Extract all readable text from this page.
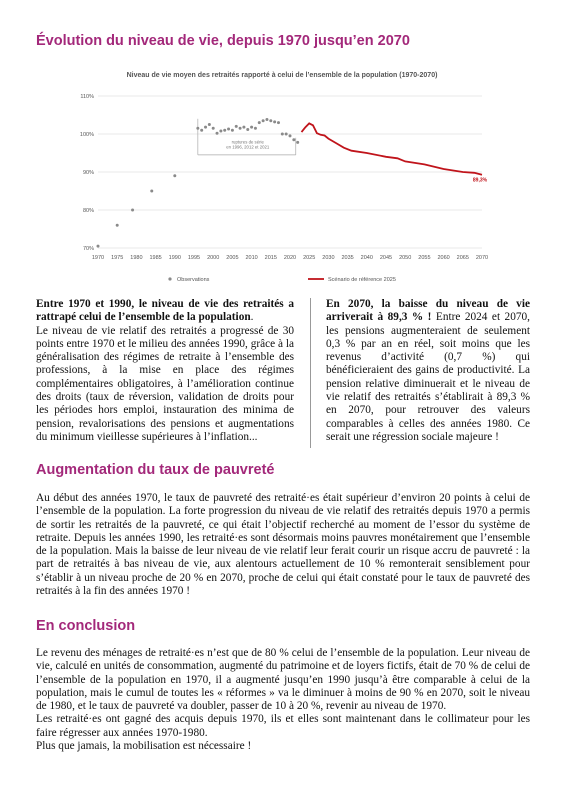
Évolution du niveau de vie, depuis 1970 jusqu’en 2070
Niveau de vie moyen des retraités rapporté à celui de l’ensemble de la population (1970-2070)
70%
80%
90%
100%
110%
1970 1975 1980 1985 1990 1995 2000 2005 2010 2015 2020 2025 2030 2035 2040 2045 2050 2055 2060 2065 2070
ruptures de série
en 1996, 2012 et 2021
89,3%
Observations	Scénario de référence 2025

Entre 1970 et 1990, le niveau de vie des retraités a rattrapé celui de l’ensemble de la population.

Le niveau de vie relatif des retraités a progressé de 30 points entre 1970 et le milieu des années 1990, grâce à la généralisation des régimes de retraite à l’ensemble des professions, à la mise en place des régimes complémentaires obligatoires, à l’amélioration continue des droits (taux de réversion, validation de droits pour les périodes hors emploi, instauration des minima de pension, revalorisations des pensions et augmentations du minimum vieillesse supérieures à l’inflation...

En 2070, la baisse du niveau de vie arriverait à 89,3 % ! Entre 2024 et 2070, les pensions augmenteraient de seulement 0,3 % par an en réel, soit moins que les revenus d’activité (0,7 %) qui bénéficieraient des gains de productivité. La pension relative diminuerait et le niveau de vie relatif des retraités s’établirait à 89,3 % en 2070, pour retrouver des valeurs comparables à celles des années 1980. Ce serait une régression sociale majeure !

Augmentation du taux de pauvreté

Au début des années 1970, le taux de pauvreté des retraité·es était supérieur d’environ 20 points à celui de l’ensemble de la population. La forte progression du niveau de vie relatif des retraités depuis 1970 a permis de sortir les retraités de la pauvreté, ce qui était l’objectif recherché au moment de l’essor du système de retraite. Depuis les années 1990, les retraité·es sont désormais moins pauvres monétairement que l’ensemble de la population. Mais la baisse de leur niveau de vie relatif leur ferait courir un risque accru de pauvreté : la part de retraités à bas niveau de vie, aux alentours actuellement de 10 % remonterait sensiblement pour s’établir à un niveau proche de 20 % en 2070, proche de celui qui était constaté pour le taux de pauvreté des retraités à la fin des années 1970 !

En conclusion

Le revenu des ménages de retraité·es n’est que de 80 % celui de l’ensemble de la population. Leur niveau de vie, calculé en unités de consommation, augmenté du patrimoine et de loyers fictifs, était de 70 % de celui de l’ensemble de la population en 1970, il a augmenté jusqu’en 1990 jusqu’à être comparable à celui de la population, mais le cumul de toutes les « réformes » va le diminuer à moins de 90 % en 2070, soit le niveau de 1980, et le taux de pauvreté va doubler, passer de 10 à 20 %, revenir au niveau de 1970.

Les retraité·es ont gagné des acquis depuis 1970, ils et elles sont maintenant dans le collimateur pour les faire régresser aux années 1970-1980.

Plus que jamais, la mobilisation est nécessaire !
